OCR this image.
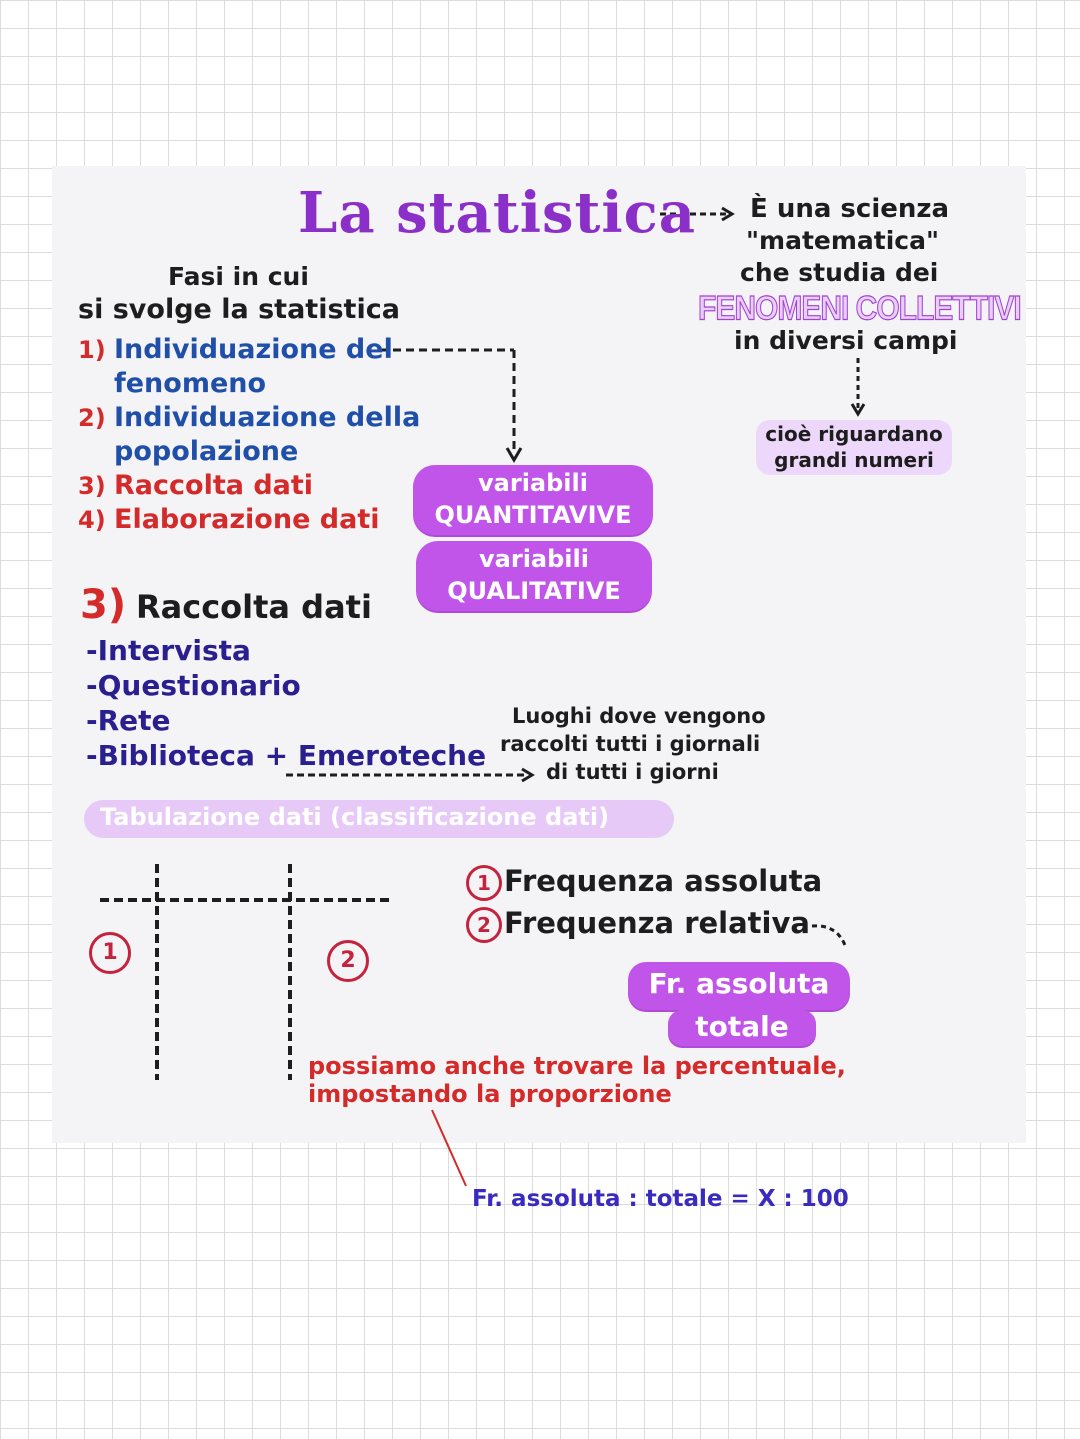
La statistica È una scienza
"matematica"
che studia dei
FENOMENI COLLETTIVI
in diversi campi
cioè riguardano
grandi numeri
Fasi in cui
si svolge la statistica
1) Individuazione del
fenomeno
2) Individuazione della
popolazione
3) Raccolta dati
4) Elaborazione dati
variabili
QUANTITAVIVE
variabili
QUALITATIVE
3) Raccolta dati
-Intervista
-Questionario
-Rete
-Biblioteca + Emeroteche
Luoghi dove vengono
raccolti tutti i giornali
di tutti i giorni
Tabulazione dati (classificazione dati)
1	2
1 Frequenza assoluta
2 Frequenza relativa
Fr. assoluta
totale
possiamo anche trovare la percentuale,
impostando la proporzione
Fr. assoluta : totale = X : 100
